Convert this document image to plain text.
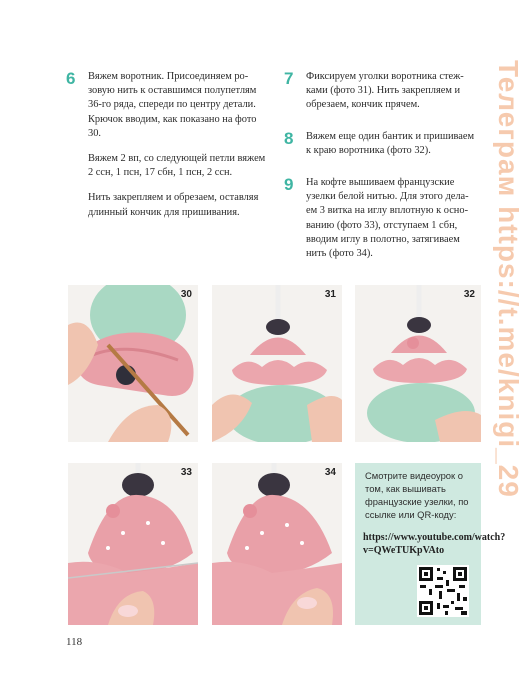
6 Вяжем воротник. Присоединяем розовую нить к оставшимся полупетлям 36-го ряда, спереди по центру детали. Крючок вводим, как показано на фото 30.

Вяжем 2 вп, со следующей петли вяжем 2 ссн, 1 псн, 17 сбн, 1 псн, 2 ссн.

Нить закрепляем и обрезаем, оставляя длинный кончик для пришивания.

7 Фиксируем уголки воротника стежками (фото 31). Нить закрепляем и обрезаем, кончик прячем.

8 Вяжем еще один бантик и пришиваем к краю воротника (фото 32).

9 На кофте вышиваем французские узелки белой нитью. Для этого делаем 3 витка на иглу вплотную к основанию (фото 33), отступаем 1 сбн, вводим иглу в полотно, затягиваем нить (фото 34).

30	31	32
33	34	Смотрите видеоурок о том, как вышивать французские узелки, по ссылке или QR-коду:
https://www.youtube.com/watch?v=QWeTUKpVAto
Телеграм https://t.me/knigi_29
118
